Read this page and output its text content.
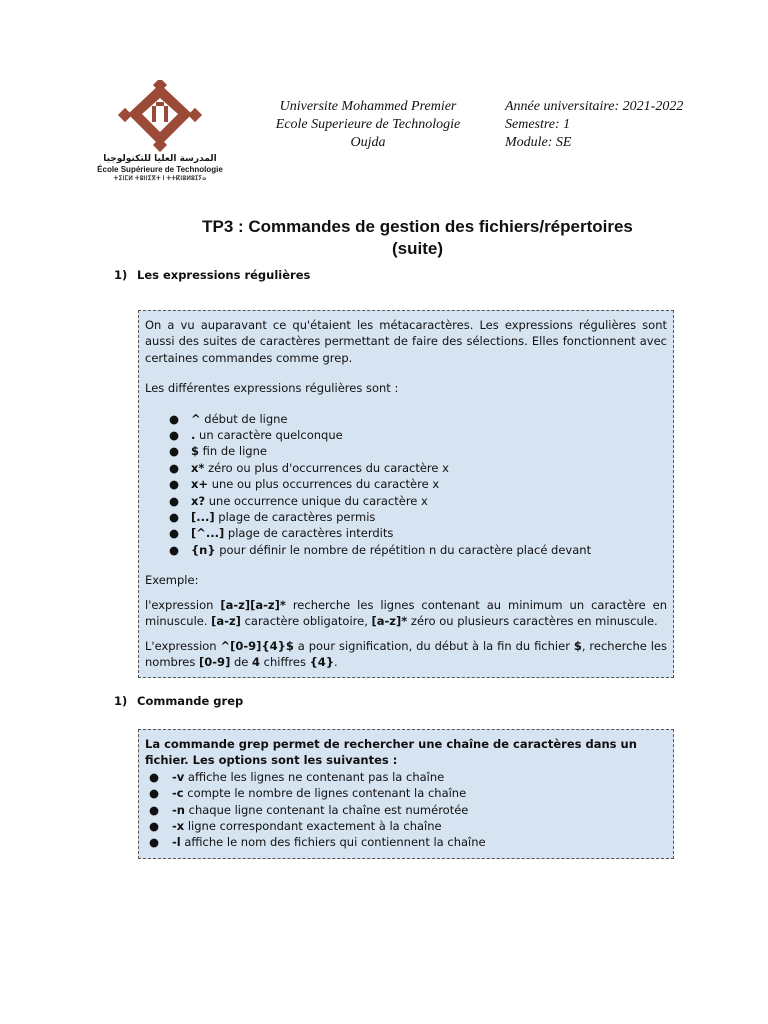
المدرسة العليا للتكنولوجيا
École Supérieure de Technologie
ⵜⵉⵏⵎⵍ ⵜⵓⵏⵏⵉⴳⵜ ⵏ ⵜⵜⴽⵏⵓⵍⵓⵊⵢⴰ
Universite Mohammed Premier
Ecole Superieure de Technologie
Oujda
Année universitaire: 2021-2022
Semestre: 1
Module: SE
TP3 : Commandes de gestion des fichiers/répertoires
(suite)
1) Les expressions régulières

On a vu auparavant ce qu'étaient les métacaractères. Les expressions régulières sont aussi des suites de caractères permettant de faire des sélections. Elles fonctionnent avec certaines commandes comme grep.

Les différentes expressions régulières sont :

● ^ début de ligne
● . un caractère quelconque
● $ fin de ligne
● x* zéro ou plus d'occurrences du caractère x
● x+ une ou plus occurrences du caractère x
● x? une occurrence unique du caractère x
● [...] plage de caractères permis
● [^...] plage de caractères interdits
● {n} pour définir le nombre de répétition n du caractère placé devant

Exemple:

l'expression [a-z][a-z]* recherche les lignes contenant au minimum un caractère en minuscule. [a-z] caractère obligatoire, [a-z]* zéro ou plusieurs caractères en minuscule.

L'expression ^[0-9]{4}$ a pour signification, du début à la fin du fichier $, recherche les nombres [0-9] de 4 chiffres {4}.

1) Commande grep

La commande grep permet de rechercher une chaîne de caractères dans un fichier. Les options sont les suivantes :

● -v affiche les lignes ne contenant pas la chaîne
● -c compte le nombre de lignes contenant la chaîne
● -n chaque ligne contenant la chaîne est numérotée
● -x ligne correspondant exactement à la chaîne
● -l affiche le nom des fichiers qui contiennent la chaîne
